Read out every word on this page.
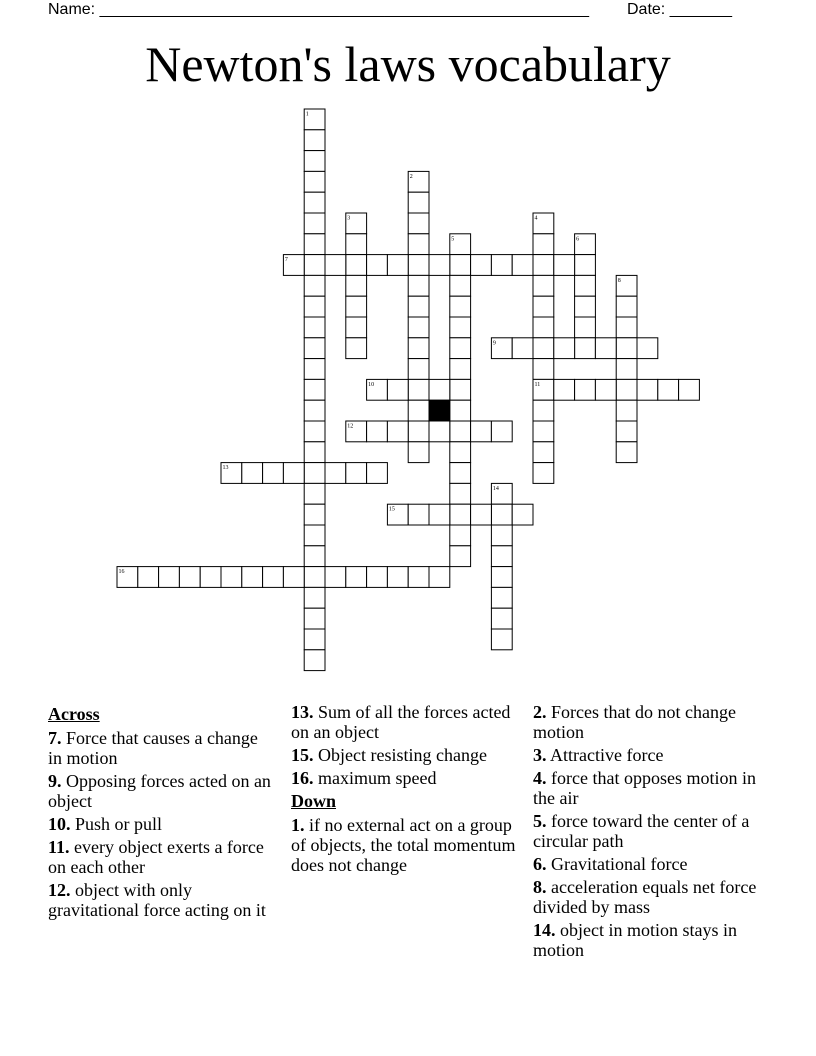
Name: _______________________________________________________ Date: _______
Newton's laws vocabulary
1
2
3	4
5	6
7
8
9
10	11
12
13
14
15
16
Across
7. Force that causes a change in motion
9. Opposing forces acted on an object
10. Push or pull
11. every object exerts a force on each other
12. object with only gravitational force acting on it
13. Sum of all the forces acted on an object
15. Object resisting change
16. maximum speed
Down
1. if no external act on a group of objects, the total momentum does not change
2. Forces that do not change motion
3. Attractive force
4. force that opposes motion in the air
5. force toward the center of a circular path
6. Gravitational force
8. acceleration equals net force divided by mass
14. object in motion stays in motion
